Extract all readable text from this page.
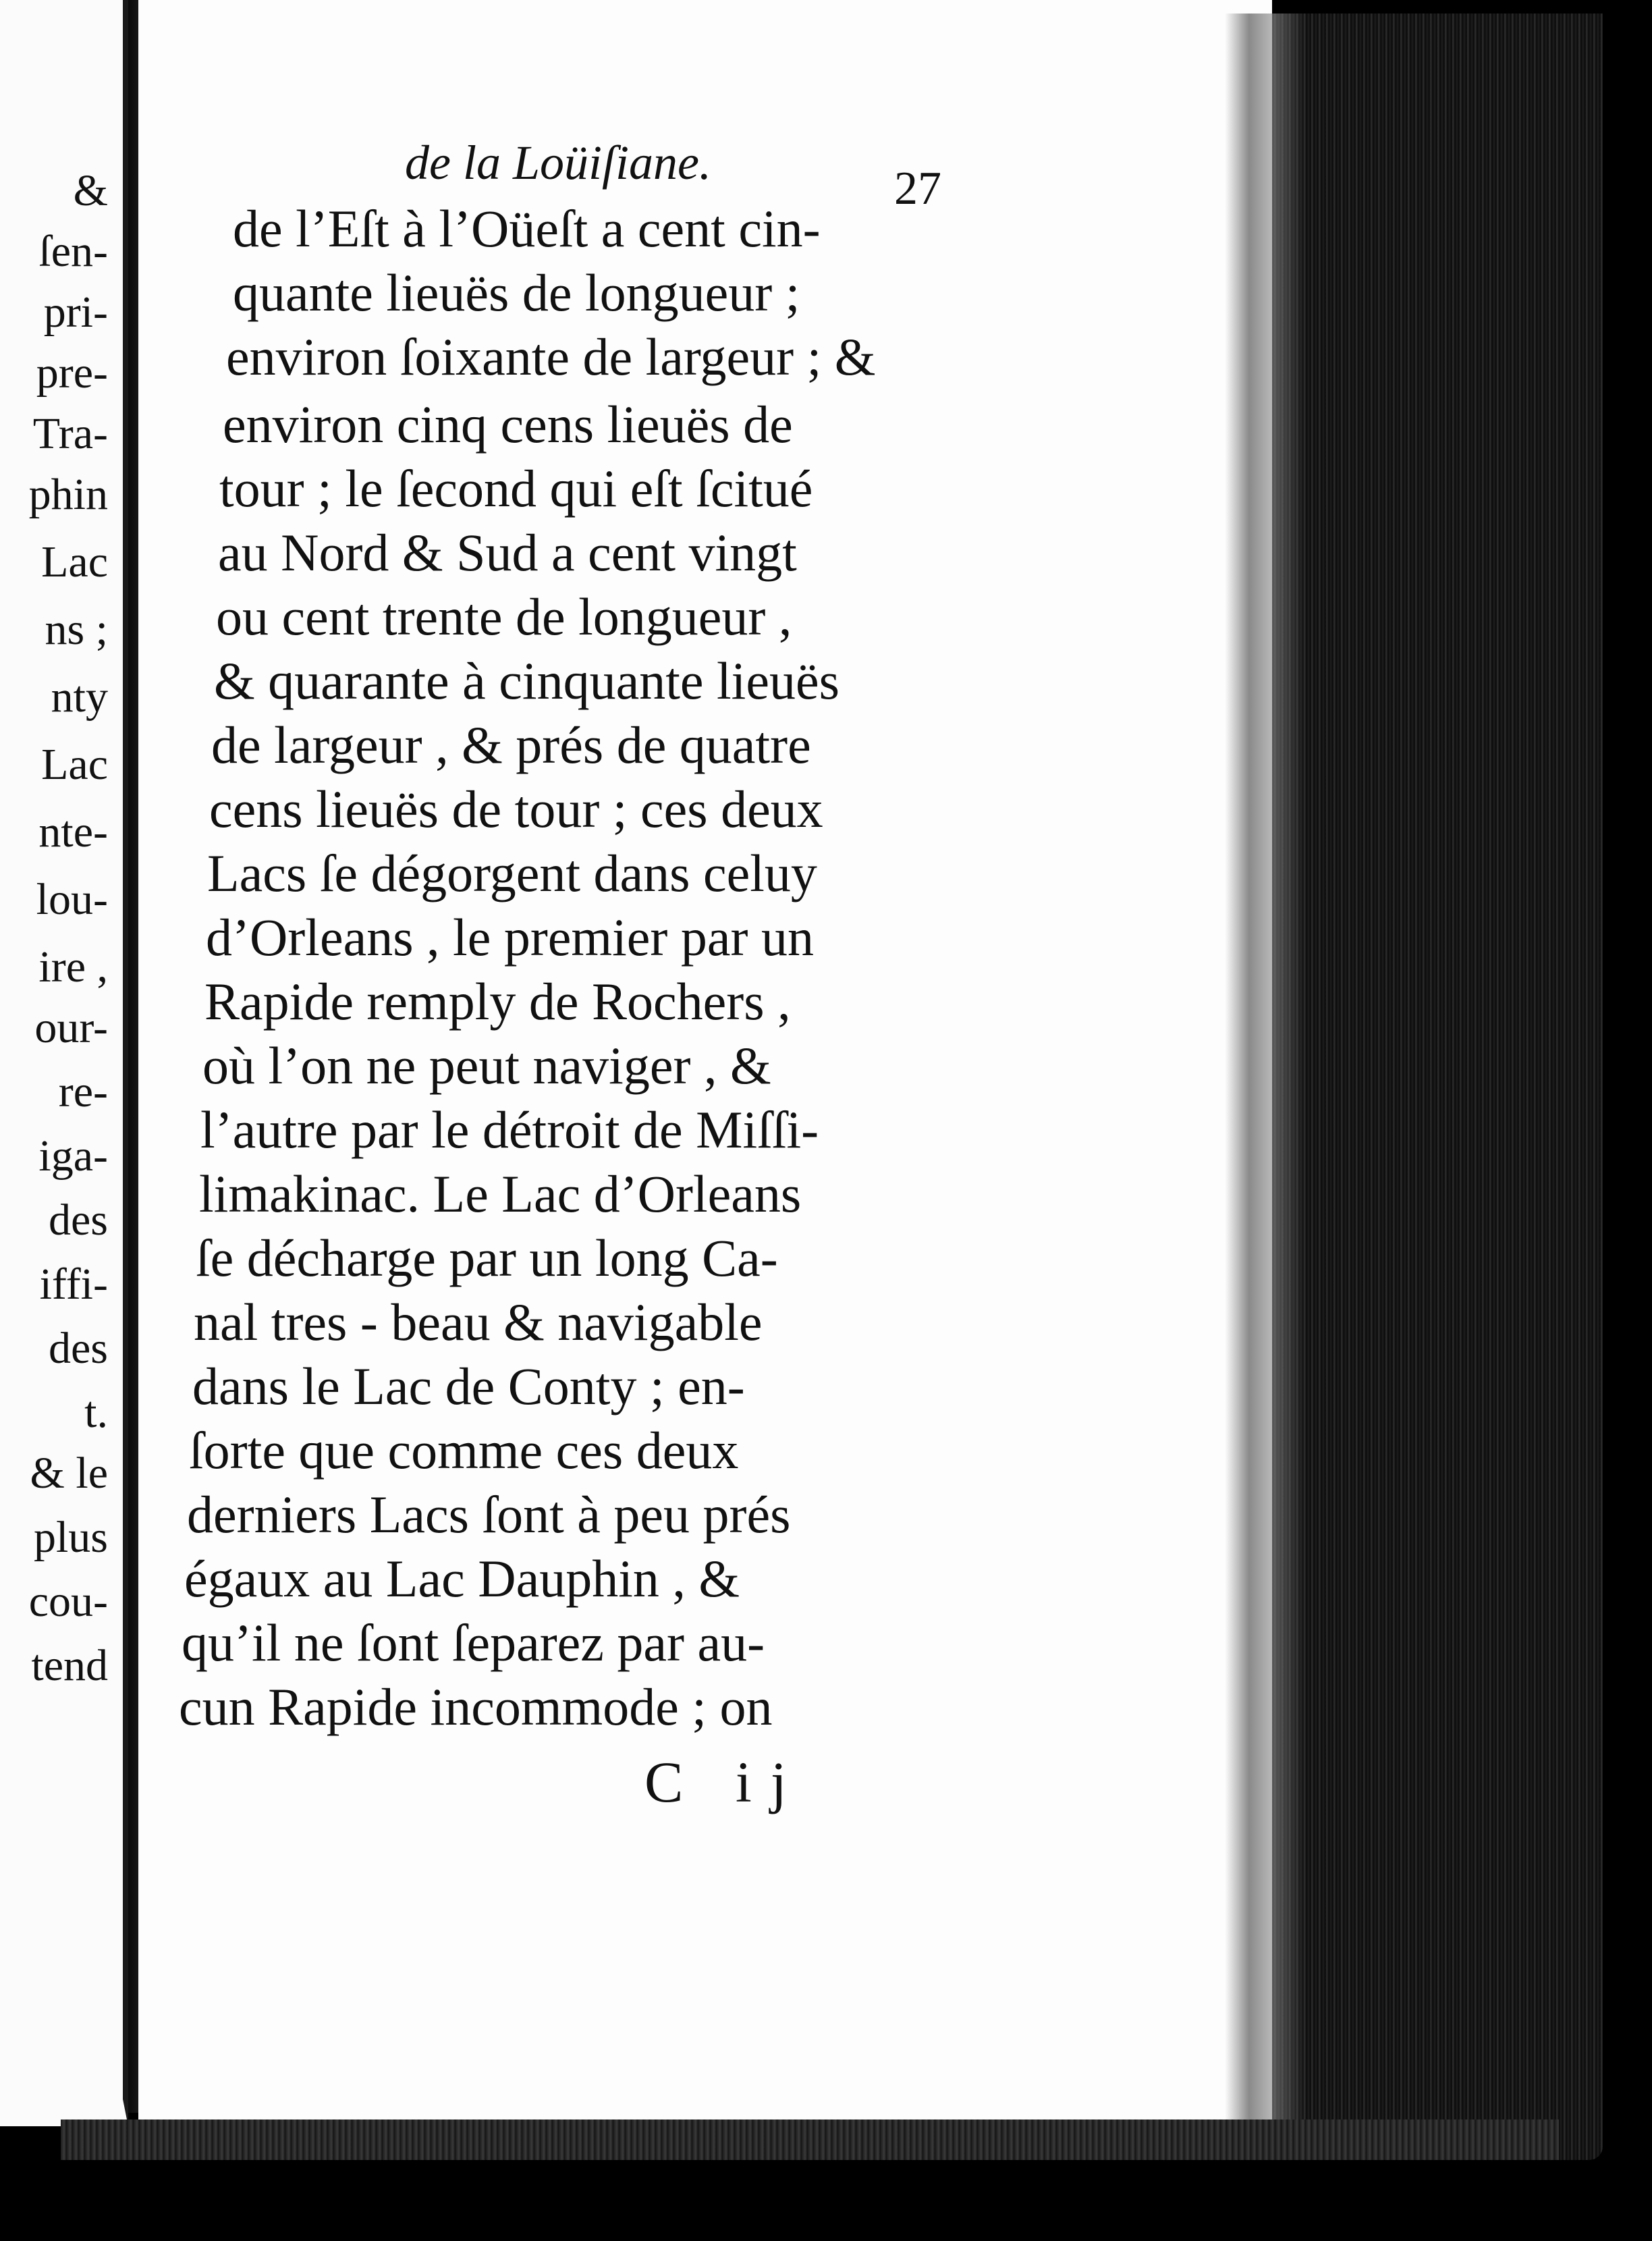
&
ſen-
pri-
pre-
Tra-
phin
Lac
ns ;
nty
Lac
nte-
lou-
ire ,
our-
re-
iga-
des
iffi-
des
t.
& le
plus
cou-
tend
de la Loüiſiane.	27
de l’Eſt à l’Oüeſt a cent cin-
quante lieuës de longueur ;
environ ſoixante de largeur ; &
environ cinq cens lieuës de
tour ; le ſecond qui eſt ſcitué
au Nord & Sud a cent vingt
ou cent trente de longueur ,
& quarante à cinquante lieuës
de largeur , & prés de quatre
cens lieuës de tour ; ces deux
Lacs ſe dégorgent dans celuy
d’Orleans , le premier par un
Rapide remply de Rochers ,
où l’on ne peut naviger , &
l’autre par le détroit de Miſſi-
limakinac. Le Lac d’Orleans
ſe décharge par un long Ca-
nal tres - beau & navigable
dans le Lac de Conty ; en-
ſorte que comme ces deux
derniers Lacs ſont à peu prés
égaux au Lac Dauphin , &
qu’il ne ſont ſeparez par au-
cun Rapide incommode ; on
C ij
